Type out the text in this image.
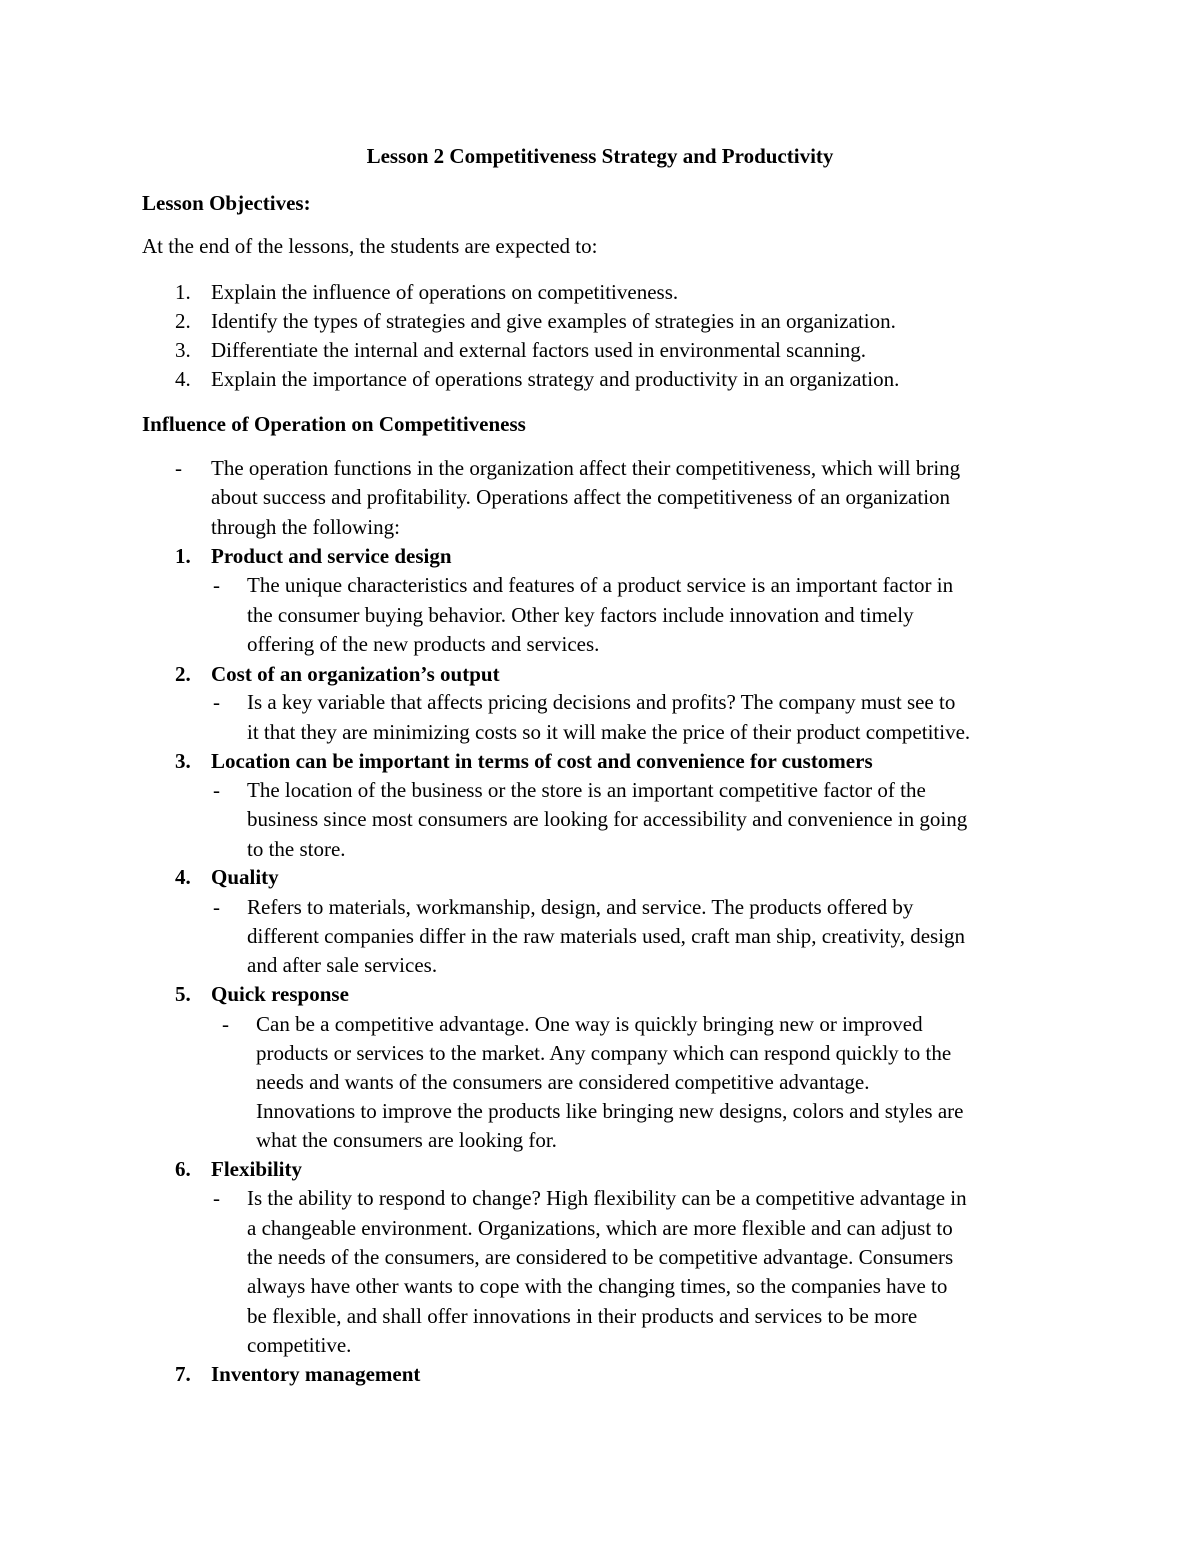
Lesson 2 Competitiveness Strategy and Productivity
Lesson Objectives:
At the end of the lessons, the students are expected to:
1. Explain the influence of operations on competitiveness.
2. Identify the types of strategies and give examples of strategies in an organization.
3. Differentiate the internal and external factors used in environmental scanning.
4. Explain the importance of operations strategy and productivity in an organization.
Influence of Operation on Competitiveness
- The operation functions in the organization affect their competitiveness, which will bring
about success and profitability. Operations affect the competitiveness of an organization
through the following:
1. Product and service design
- The unique characteristics and features of a product service is an important factor in
the consumer buying behavior. Other key factors include innovation and timely
offering of the new products and services.
2. Cost of an organization’s output
- Is a key variable that affects pricing decisions and profits? The company must see to
it that they are minimizing costs so it will make the price of their product competitive.
3. Location can be important in terms of cost and convenience for customers
- The location of the business or the store is an important competitive factor of the
business since most consumers are looking for accessibility and convenience in going
to the store.
4. Quality
- Refers to materials, workmanship, design, and service. The products offered by
different companies differ in the raw materials used, craft man ship, creativity, design
and after sale services.
5. Quick response
- Can be a competitive advantage. One way is quickly bringing new or improved
products or services to the market. Any company which can respond quickly to the
needs and wants of the consumers are considered competitive advantage.
Innovations to improve the products like bringing new designs, colors and styles are
what the consumers are looking for.
6. Flexibility
- Is the ability to respond to change? High flexibility can be a competitive advantage in
a changeable environment. Organizations, which are more flexible and can adjust to
the needs of the consumers, are considered to be competitive advantage. Consumers
always have other wants to cope with the changing times, so the companies have to
be flexible, and shall offer innovations in their products and services to be more
competitive.
7. Inventory management
